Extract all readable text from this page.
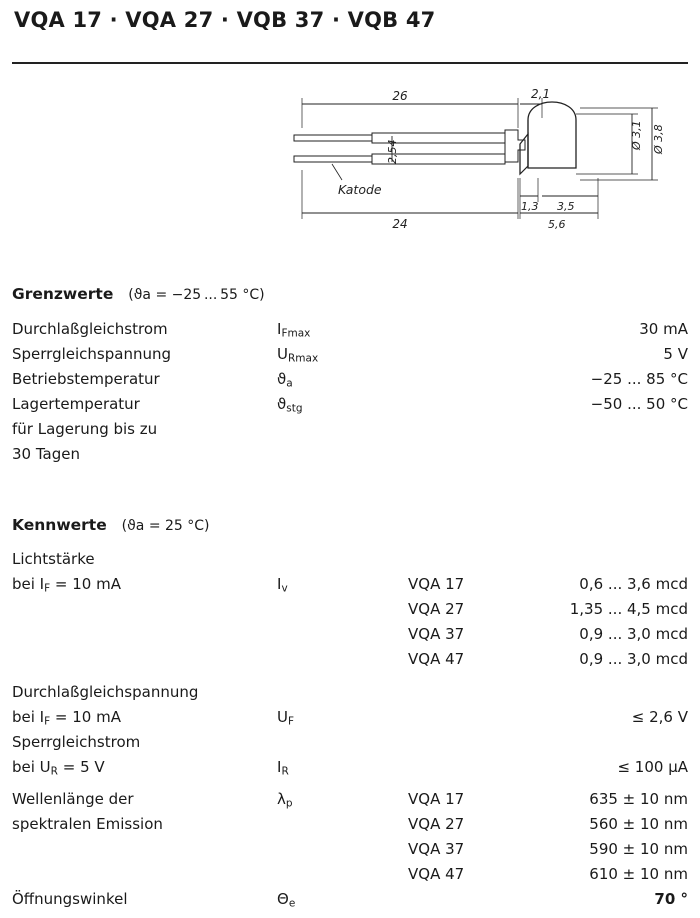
VQA 17 · VQA 27 · VQB 37 · VQB 47
26	2,1
24
1,3 3,5
5,6
Katode
2,54
Ø 3,1 Ø 3,8
Grenzwerte (ϑa = −25 ... 55 °C)
Durchlaßgleichstrom	$I_{Fmax}$	30 mA
Sperrgleichspannung	$U_{Rmax}$	5 V
Betriebstemperatur	$ϑ_a$	−25 ... 85 °C
Lagertemperatur	$ϑ_{stg}$	−50 ... 50 °C
für Lagerung bis zu
30 Tagen
Kennwerte (ϑa = 25 °C)
Lichtstärke
bei $I_F = 10$ mA	$I_v$	VQA 17	0,6 ... 3,6 mcd
VQA 27	1,35 ... 4,5 mcd
VQA 37	0,9 ... 3,0 mcd
VQA 47	0,9 ... 3,0 mcd
Durchlaßgleichspannung
bei $I_F = 10$ mA	$U_F$	≤ 2,6 V
Sperrgleichstrom
bei $U_R = 5$ V	$I_R$	≤ 100 µA
Wellenlänge der
spektralen Emission
$\lambda_p$	VQA 17	635 ± 10 nm
VQA 27	560 ± 10 nm
VQA 37	590 ± 10 nm
VQA 47	610 ± 10 nm
Öffnungswinkel	$\Theta_e$	70 °
